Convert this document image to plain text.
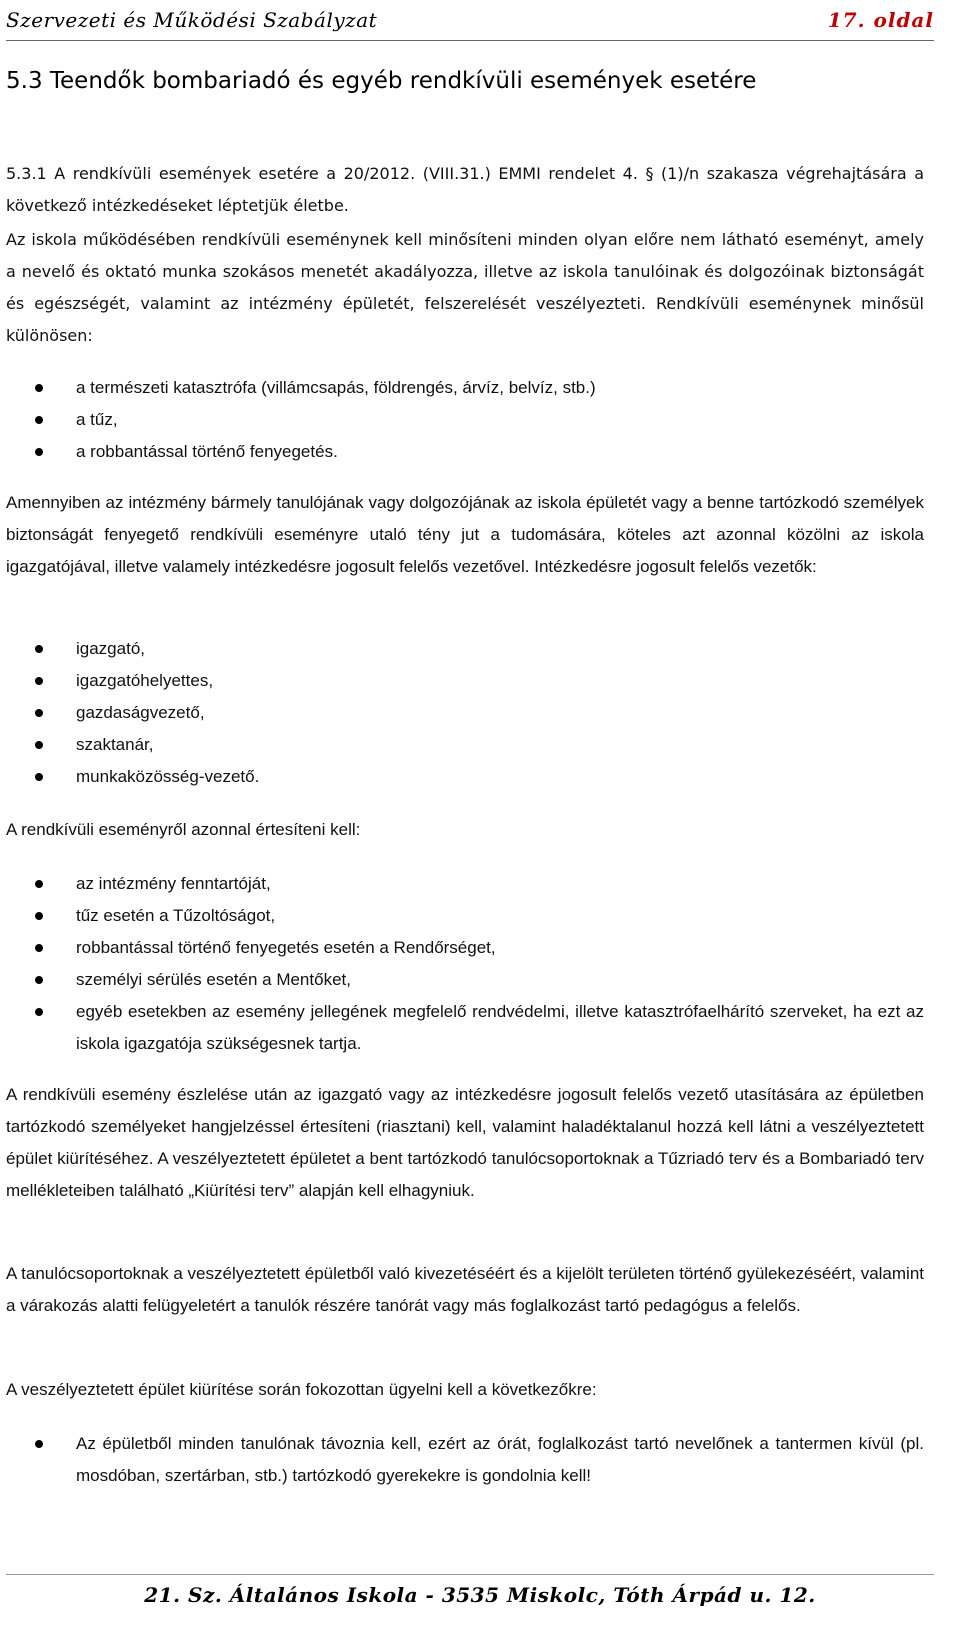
Szervezeti és Működési Szabályzat	17. oldal
5.3 Teendők bombariadó és egyéb rendkívüli események esetére

5.3.1 A rendkívüli események esetére a 20/2012. (VIII.31.) EMMI rendelet 4. § (1)/n szakasza végrehajtására a következő intézkedéseket léptetjük életbe.

Az iskola működésében rendkívüli eseménynek kell minősíteni minden olyan előre nem látható eseményt, amely a nevelő és oktató munka szokásos menetét akadályozza, illetve az iskola tanulóinak és dolgozóinak biztonságát és egészségét, valamint az intézmény épületét, felszerelését veszélyezteti. Rendkívüli eseménynek minősül különösen:

a természeti katasztrófa (villámcsapás, földrengés, árvíz, belvíz, stb.)
a tűz,
a robbantással történő fenyegetés.

Amennyiben az intézmény bármely tanulójának vagy dolgozójának az iskola épületét vagy a benne tartózkodó személyek biztonságát fenyegető rendkívüli eseményre utaló tény jut a tudomására, köteles azt azonnal közölni az iskola igazgatójával, illetve valamely intézkedésre jogosult felelős vezetővel. Intézkedésre jogosult felelős vezetők:

igazgató,
igazgatóhelyettes,
gazdaságvezető,
szaktanár,
munkaközösség-vezető.

A rendkívüli eseményről azonnal értesíteni kell:

az intézmény fenntartóját,
tűz esetén a Tűzoltóságot,
robbantással történő fenyegetés esetén a Rendőrséget,
személyi sérülés esetén a Mentőket,
egyéb esetekben az esemény jellegének megfelelő rendvédelmi, illetve katasztrófaelhárító szerveket, ha ezt az iskola igazgatója szükségesnek tartja.

A rendkívüli esemény észlelése után az igazgató vagy az intézkedésre jogosult felelős vezető utasítására az épületben tartózkodó személyeket hangjelzéssel értesíteni (riasztani) kell, valamint haladéktalanul hozzá kell látni a veszélyeztetett épület kiürítéséhez. A veszélyeztetett épületet a bent tartózkodó tanulócsoportoknak a Tűzriadó terv és a Bombariadó terv mellékleteiben található „Kiürítési terv” alapján kell elhagyniuk.

A tanulócsoportoknak a veszélyeztetett épületből való kivezetéséért és a kijelölt területen történő gyülekezéséért, valamint a várakozás alatti felügyeletért a tanulók részére tanórát vagy más foglalkozást tartó pedagógus a felelős.

A veszélyeztetett épület kiürítése során fokozottan ügyelni kell a következőkre:

Az épületből minden tanulónak távoznia kell, ezért az órát, foglalkozást tartó nevelőnek a tantermen kívül (pl. mosdóban, szertárban, stb.) tartózkodó gyerekekre is gondolnia kell!
21. Sz. Általános Iskola - 3535 Miskolc, Tóth Árpád u. 12.
